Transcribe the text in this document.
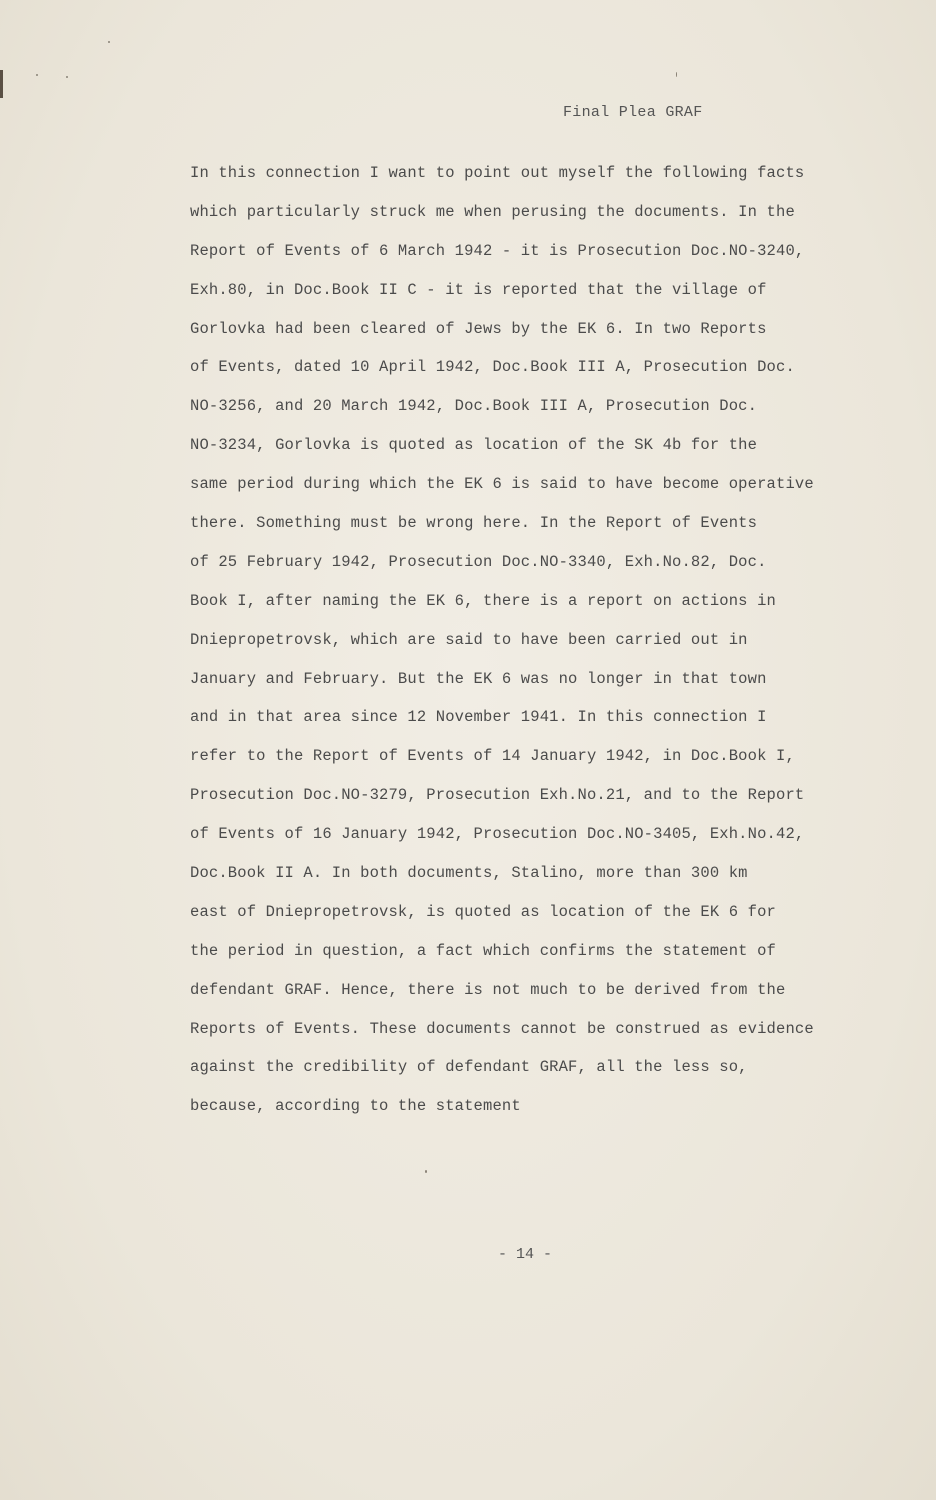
Final Plea GRAF
In this connection I want to point out myself the following facts
which particularly struck me when perusing the documents. In the
Report of Events of 6 March 1942 - it is Prosecution Doc.NO-3240,
Exh.80, in Doc.Book II C - it is reported that the village of
Gorlovka had been cleared of Jews by the EK 6. In two Reports
of Events, dated 10 April 1942, Doc.Book III A, Prosecution Doc.
NO-3256, and 20 March 1942, Doc.Book III A, Prosecution Doc.
NO-3234, Gorlovka is quoted as location of the SK 4b for the
same period during which the EK 6 is said to have become operative
there. Something must be wrong here. In the Report of Events
of 25 February 1942, Prosecution Doc.NO-3340, Exh.No.82, Doc.
Book I, after naming the EK 6, there is a report on actions in
Dniepropetrovsk, which are said to have been carried out in
January and February. But the EK 6 was no longer in that town
and in that area since 12 November 1941. In this connection I
refer to the Report of Events of 14 January 1942, in Doc.Book I,
Prosecution Doc.NO-3279, Prosecution Exh.No.21, and to the Report
of Events of 16 January 1942, Prosecution Doc.NO-3405, Exh.No.42,
Doc.Book II A. In both documents, Stalino, more than 300 km
east of Dniepropetrovsk, is quoted as location of the EK 6 for
the period in question, a fact which confirms the statement of
defendant GRAF. Hence, there is not much to be derived from the
Reports of Events. These documents cannot be construed as evidence
against the credibility of defendant GRAF, all the less so,
because, according to the statement
- 14 -
